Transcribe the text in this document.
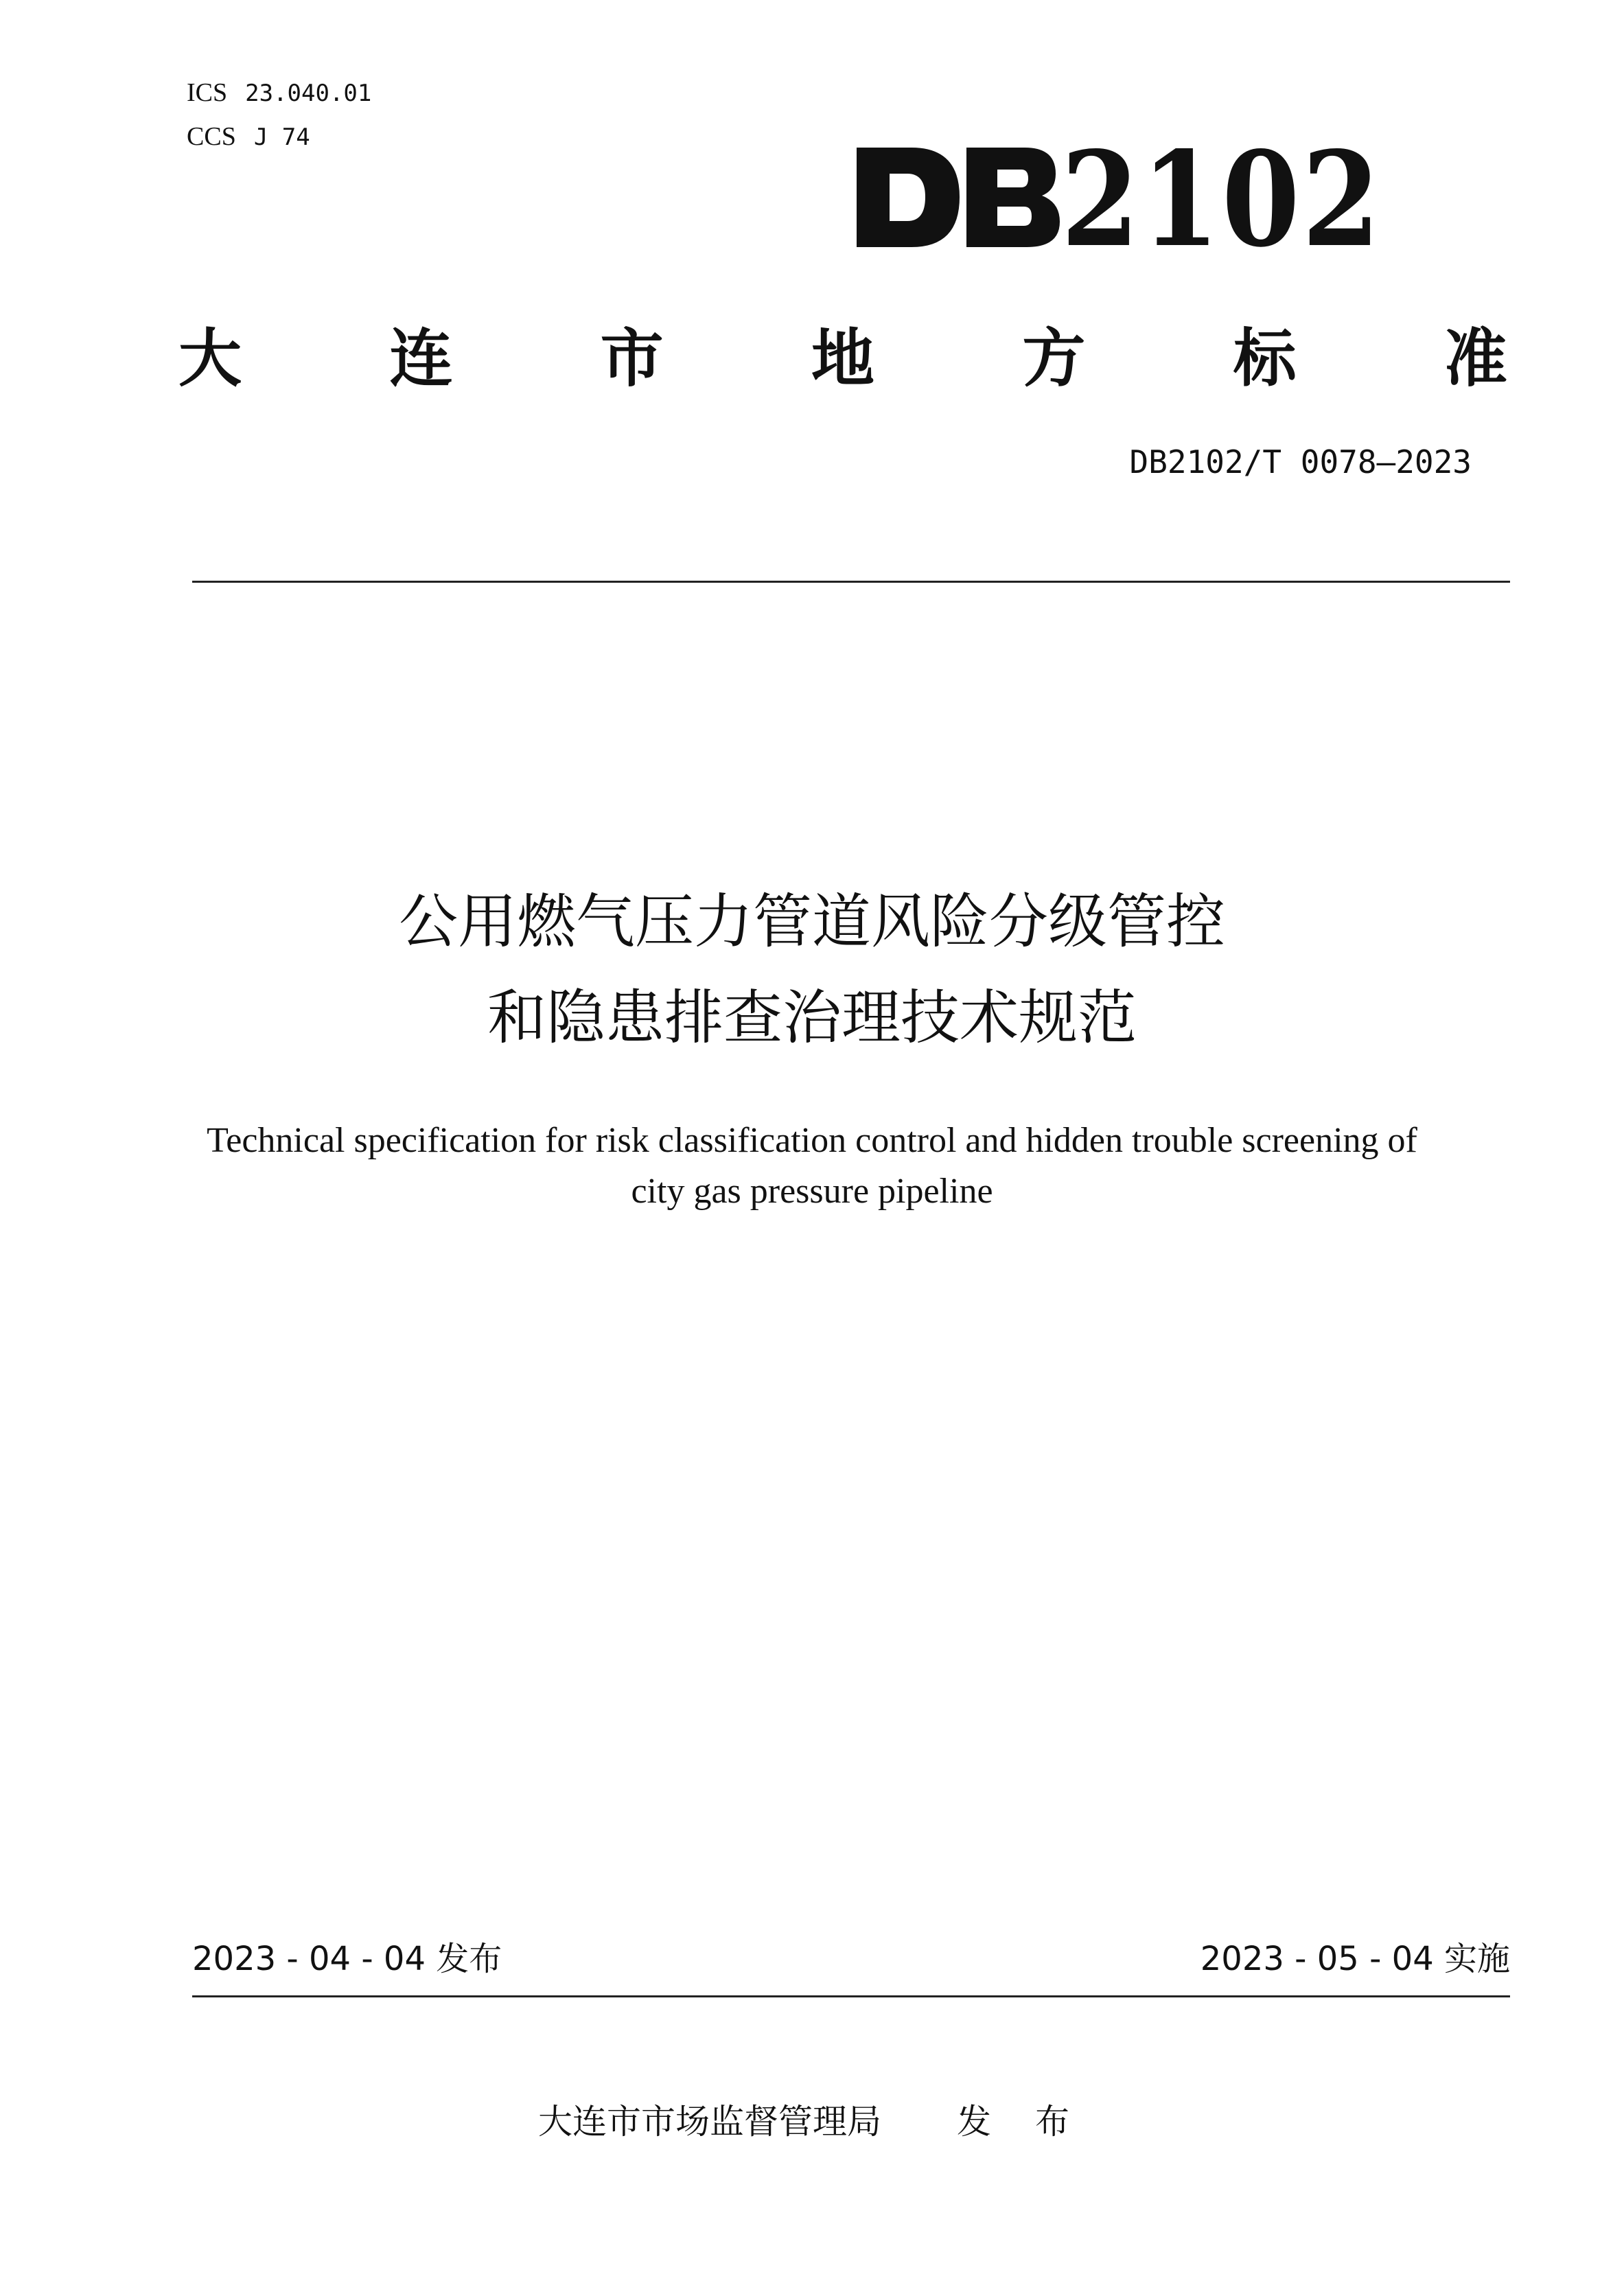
ICS 23.040.01
CCS J 74	2102
大 连 市 地 方 标 准
DB2102/T 0078—2023
公用燃气压力管道风险分级管控
和隐患排查治理技术规范
Technical specification for risk classification control and hidden trouble screening of
city gas pressure pipeline
2023 - 04 - 04 发布	2023 - 05 - 04 实施
大连市市场监督管理局 发 布
